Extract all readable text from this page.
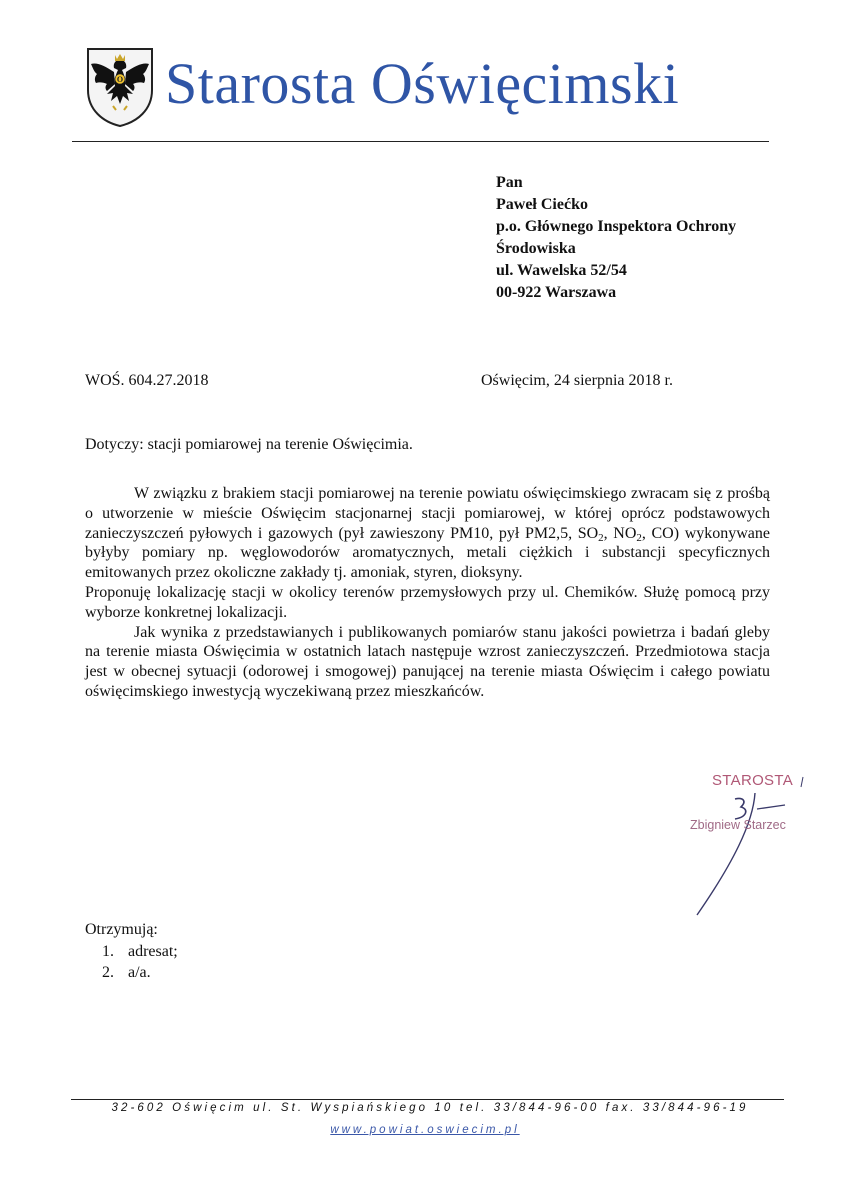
O Starosta Oświęcimski
Pan
Paweł Ciećko
p.o. Głównego Inspektora Ochrony
Środowiska
ul. Wawelska 52/54
00-922 Warszawa
WOŚ. 604.27.2018	Oświęcim, 24 sierpnia 2018 r.
Dotyczy: stacji pomiarowej na terenie Oświęcimia.

W związku z brakiem stacji pomiarowej na terenie powiatu oświęcimskiego zwracam się z prośbą o utworzenie w mieście Oświęcim stacjonarnej stacji pomiarowej, w której oprócz podstawowych zanieczyszczeń pyłowych i gazowych (pył zawieszony PM10, pył PM2,5, $SO_2$, $NO_2$, CO) wykonywane byłyby pomiary np. węglowodorów aromatycznych, metali ciężkich i substancji specyficznych emitowanych przez okoliczne zakłady tj. amoniak, styren, dioksyny.

Proponuję lokalizację stacji w okolicy terenów przemysłowych przy ul. Chemików. Służę pomocą przy wyborze konkretnej lokalizacji.

Jak wynika z przedstawianych i publikowanych pomiarów stanu jakości powietrza i badań gleby na terenie miasta Oświęcimia w ostatnich latach następuje wzrost zanieczyszczeń. Przedmiotowa stacja jest w obecnej sytuacji (odorowej i smogowej) panującej na terenie miasta Oświęcim i całego powiatu oświęcimskiego inwestycją wyczekiwaną przez mieszkańców.

STAROSTA
Zbigniew Starzec
Otrzymują:
1. adresat;
2. a/a.
32-602 Oświęcim ul. St. Wyspiańskiego 10 tel. 33/844-96-00 fax. 33/844-96-19
www.powiat.oswiecim.pl
